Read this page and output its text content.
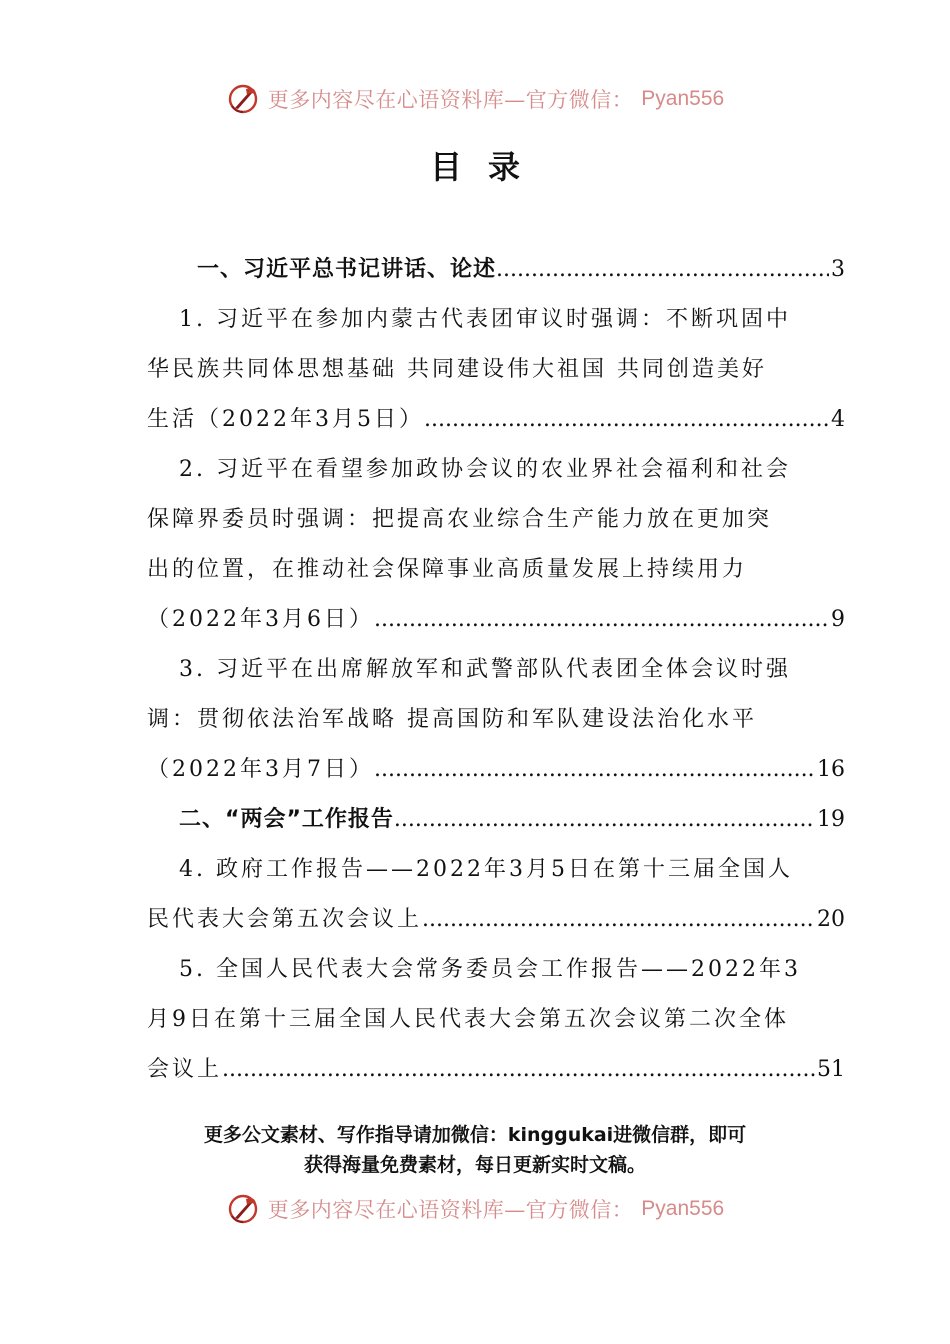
更多内容尽在心语资料库—官方微信： Pyan556
目录
一、习近平总书记讲话、论述 .....	3
1. 习近平在参加内蒙古代表团审议时强调：不断巩固中
华民族共同体思想基础 共同建设伟大祖国 共同创造美好
生活（2022年3月5日） .....	4
2. 习近平在看望参加政协会议的农业界社会福利和社会
保障界委员时强调：把提高农业综合生产能力放在更加突
出的位置，在推动社会保障事业高质量发展上持续用力
（2022年3月6日） .....	9
3. 习近平在出席解放军和武警部队代表团全体会议时强
调：贯彻依法治军战略 提高国防和军队建设法治化水平
（2022年3月7日） .....	16
二、“两会”工作报告 .....	19
4. 政府工作报告——2022年3月5日在第十三届全国人
民代表大会第五次会议上 .....	20
5. 全国人民代表大会常务委员会工作报告——2022年3
月9日在第十三届全国人民代表大会第五次会议第二次全体
会议上 .....	51
更多公文素材、写作指导请加微信：kinggukai进微信群，即可
获得海量免费素材，每日更新实时文稿。
更多内容尽在心语资料库—官方微信： Pyan556
